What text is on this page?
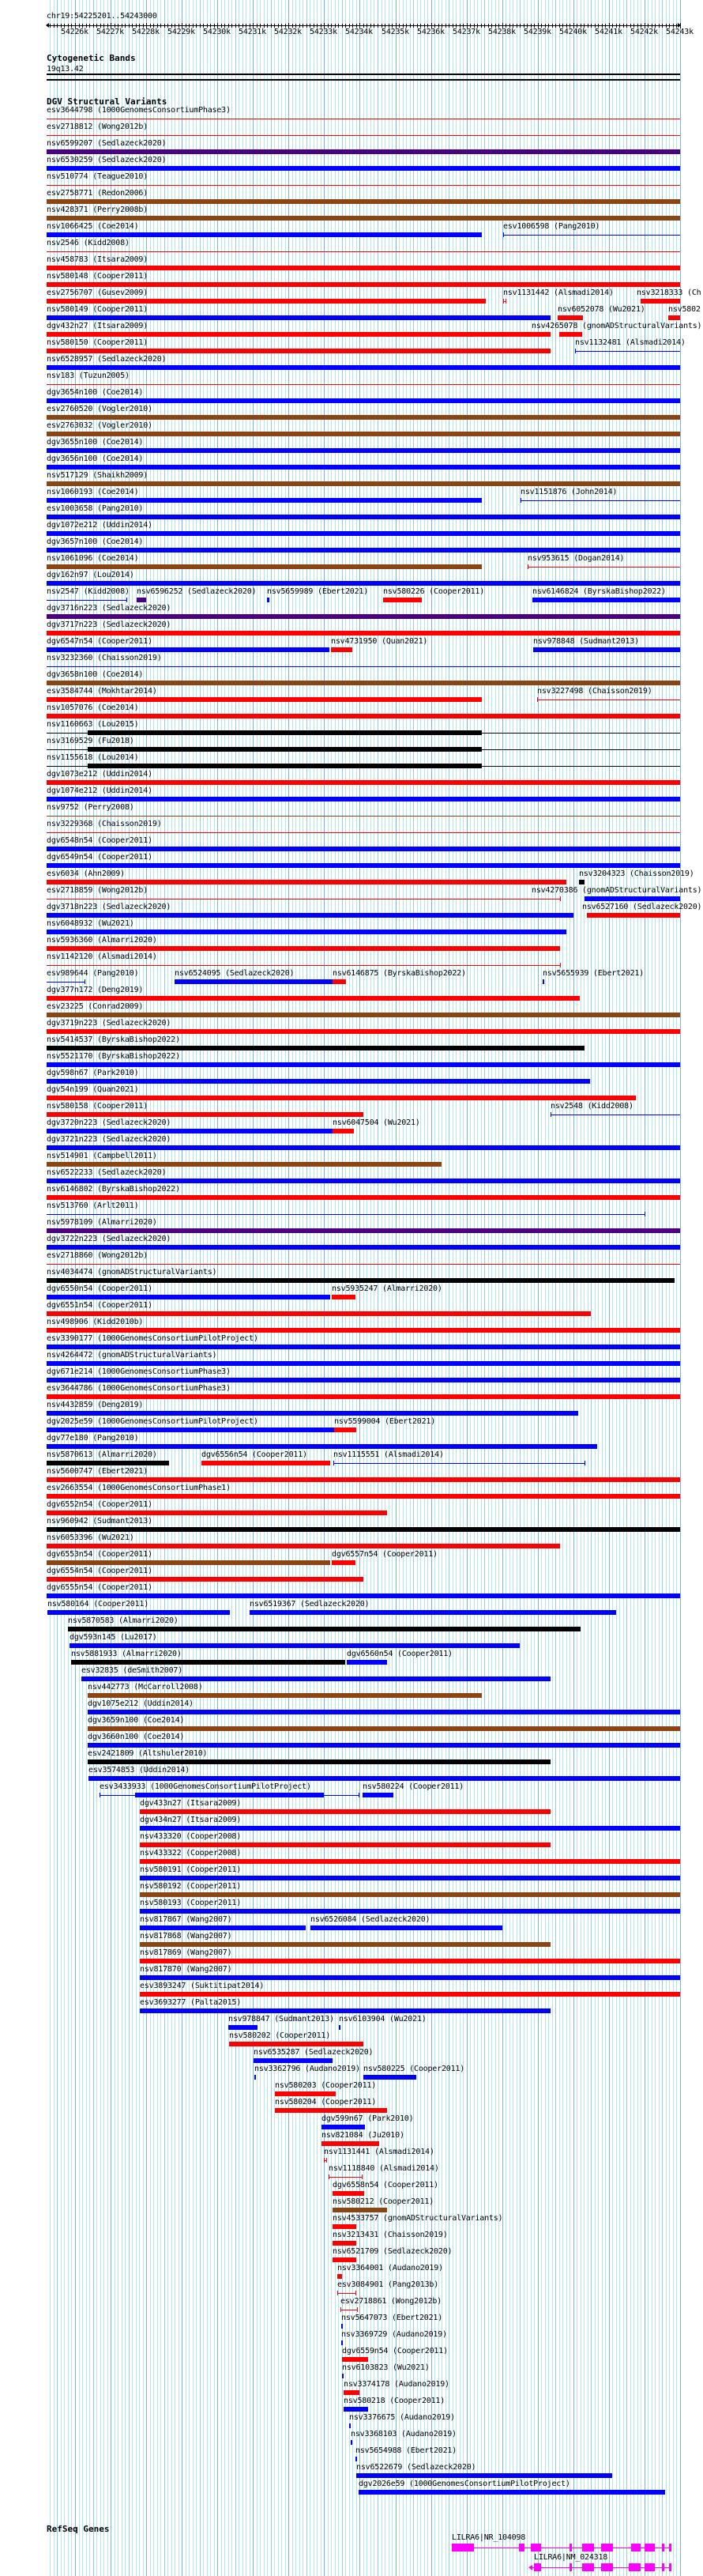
chr19:54225201..54243000
54226k 54227k 54228k 54229k 54230k 54231k 54232k 54233k 54234k 54235k 54236k 54237k 54238k 54239k 54240k 54241k 54242k 54243k
Cytogenetic Bands
19q13.42
DGV Structural Variants
esv3644798 (1000GenomesConsortiumPhase3)
esv2718812 (Wong2012b)
nsv6599207 (Sedlazeck2020)
nsv6530259 (Sedlazeck2020)
nsv510774 (Teague2010)
esv2758771 (Redon2006)
nsv428371 (Perry2008b)
nsv1066425 (Coe2014)	esv1006598 (Pang2010)
nsv2546 (Kidd2008)
nsv458783 (Itsara2009)
nsv580148 (Cooper2011)
esv2756707 (Gusev2009)	nsv1131442 (Alsmadi2014)	nsv3218333 (Ch
nsv580149 (Cooper2011)	nsv6052078 (Wu2021)	nsv5802
dgv432n27 (Itsara2009)	nsv4265078 (gnomADStructuralVariants)
nsv580150 (Cooper2011)	nsv1132481 (Alsmadi2014)
nsv6528957 (Sedlazeck2020)
nsv183 (Tuzun2005)
dgv3654n100 (Coe2014)
esv2760520 (Vogler2010)
esv2763032 (Vogler2010)
dgv3655n100 (Coe2014)
dgv3656n100 (Coe2014)
nsv517129 (Shaikh2009)
nsv1060193 (Coe2014)	nsv1151876 (John2014)
esv1003658 (Pang2010)
dgv1072e212 (Uddin2014)
dgv3657n100 (Coe2014)
nsv1061096 (Coe2014)	nsv953615 (Dogan2014)
dgv162n97 (Lou2014)
nsv2547 (Kidd2008) nsv6596252 (Sedlazeck2020) nsv5659989 (Ebert2021) nsv580226 (Cooper2011)	nsv6146824 (ByrskaBishop2022)
dgv3716n223 (Sedlazeck2020)
dgv3717n223 (Sedlazeck2020)
dgv6547n54 (Cooper2011)	nsv4731950 (Quan2021)	nsv978848 (Sudmant2013)
nsv3232360 (Chaisson2019)
dgv3658n100 (Coe2014)
esv3584744 (Mokhtar2014)	nsv3227498 (Chaisson2019)
nsv1057076 (Coe2014)
nsv1160663 (Lou2015)
nsv3169529 (Fu2018)
nsv1155618 (Lou2014)
dgv1073e212 (Uddin2014)
dgv1074e212 (Uddin2014)
nsv9752 (Perry2008)
nsv3229368 (Chaisson2019)
dgv6548n54 (Cooper2011)
dgv6549n54 (Cooper2011)
esv6034 (Ahn2009)	nsv3204323 (Chaisson2019)
esv2718859 (Wong2012b)	nsv4270386 (gnomADStructuralVariants)
dgv3718n223 (Sedlazeck2020)	nsv6527160 (Sedlazeck2020)
nsv6048932 (Wu2021)
nsv5936360 (Almarri2020)
nsv1142120 (Alsmadi2014)
esv989644 (Pang2010)	nsv6524095 (Sedlazeck2020)	nsv6146875 (ByrskaBishop2022)	nsv5655939 (Ebert2021)
dgv377n172 (Deng2019)
esv23225 (Conrad2009)
dgv3719n223 (Sedlazeck2020)
nsv5414537 (ByrskaBishop2022)
nsv5521170 (ByrskaBishop2022)
dgv598n67 (Park2010)
dgv54n199 (Quan2021)
nsv580158 (Cooper2011)	nsv2548 (Kidd2008)
dgv3720n223 (Sedlazeck2020)	nsv6047504 (Wu2021)
dgv3721n223 (Sedlazeck2020)
nsv514901 (Campbell2011)
nsv6522233 (Sedlazeck2020)
nsv6146802 (ByrskaBishop2022)
nsv513760 (Arlt2011)
nsv5978109 (Almarri2020)
dgv3722n223 (Sedlazeck2020)
esv2718860 (Wong2012b)
nsv4034474 (gnomADStructuralVariants)
dgv6550n54 (Cooper2011)	nsv5935247 (Almarri2020)
dgv6551n54 (Cooper2011)
nsv498906 (Kidd2010b)
esv3390177 (1000GenomesConsortiumPilotProject)
nsv4264472 (gnomADStructuralVariants)
dgv671e214 (1000GenomesConsortiumPhase3)
esv3644786 (1000GenomesConsortiumPhase3)
nsv4432859 (Deng2019)
dgv2025e59 (1000GenomesConsortiumPilotProject)	nsv5599004 (Ebert2021)
dgv77e180 (Pang2010)
nsv5870613 (Almarri2020)	dgv6556n54 (Cooper2011)	nsv1115551 (Alsmadi2014)
nsv5600747 (Ebert2021)
esv2663554 (1000GenomesConsortiumPhase1)
dgv6552n54 (Cooper2011)
nsv960942 (Sudmant2013)
nsv6053396 (Wu2021)
dgv6553n54 (Cooper2011)	dgv6557n54 (Cooper2011)
dgv6554n54 (Cooper2011)
dgv6555n54 (Cooper2011)
nsv580164 (Cooper2011)	nsv6519367 (Sedlazeck2020)
nsv5870583 (Almarri2020)
dgv593n145 (Lu2017)
nsv5881933 (Almarri2020)	dgv6560n54 (Cooper2011)
esv32835 (deSmith2007)
nsv442773 (McCarroll2008)
dgv1075e212 (Uddin2014)
dgv3659n100 (Coe2014)
dgv3660n100 (Coe2014)
esv2421809 (Altshuler2010)
esv3574853 (Uddin2014)
esv3433933 (1000GenomesConsortiumPilotProject)	nsv580224 (Cooper2011)
dgv433n27 (Itsara2009)
dgv434n27 (Itsara2009)
nsv433320 (Cooper2008)
nsv433322 (Cooper2008)
nsv580191 (Cooper2011)
nsv580192 (Cooper2011)
nsv580193 (Cooper2011)
nsv817867 (Wang2007)	nsv6526084 (Sedlazeck2020)
nsv817868 (Wang2007)
nsv817869 (Wang2007)
nsv817870 (Wang2007)
esv3893247 (Suktitipat2014)
esv3693277 (Palta2015)
nsv978847 (Sudmant2013) nsv6103904 (Wu2021)
nsv580202 (Cooper2011)
nsv6535287 (Sedlazeck2020)
nsv3362796 (Audano2019) nsv580225 (Cooper2011)
nsv580203 (Cooper2011)
nsv580204 (Cooper2011)
dgv599n67 (Park2010)
nsv821084 (Ju2010)
nsv1131441 (Alsmadi2014)
nsv1118840 (Alsmadi2014)
dgv6558n54 (Cooper2011)
nsv580212 (Cooper2011)
nsv4533757 (gnomADStructuralVariants)
nsv3213431 (Chaisson2019)
nsv6521709 (Sedlazeck2020)
nsv3364001 (Audano2019)
esv3084901 (Pang2013b)
esv2718861 (Wong2012b)
nsv5647073 (Ebert2021)
nsv3369729 (Audano2019)
dgv6559n54 (Cooper2011)
nsv6103823 (Wu2021)
nsv3374178 (Audano2019)
nsv580218 (Cooper2011)
nsv3376675 (Audano2019)
nsv3368103 (Audano2019)
nsv5654988 (Ebert2021)
nsv6522679 (Sedlazeck2020)
dgv2026e59 (1000GenomesConsortiumPilotProject)
RefSeq Genes
LILRA6|NR_104098
LILRA6|NM_024318
